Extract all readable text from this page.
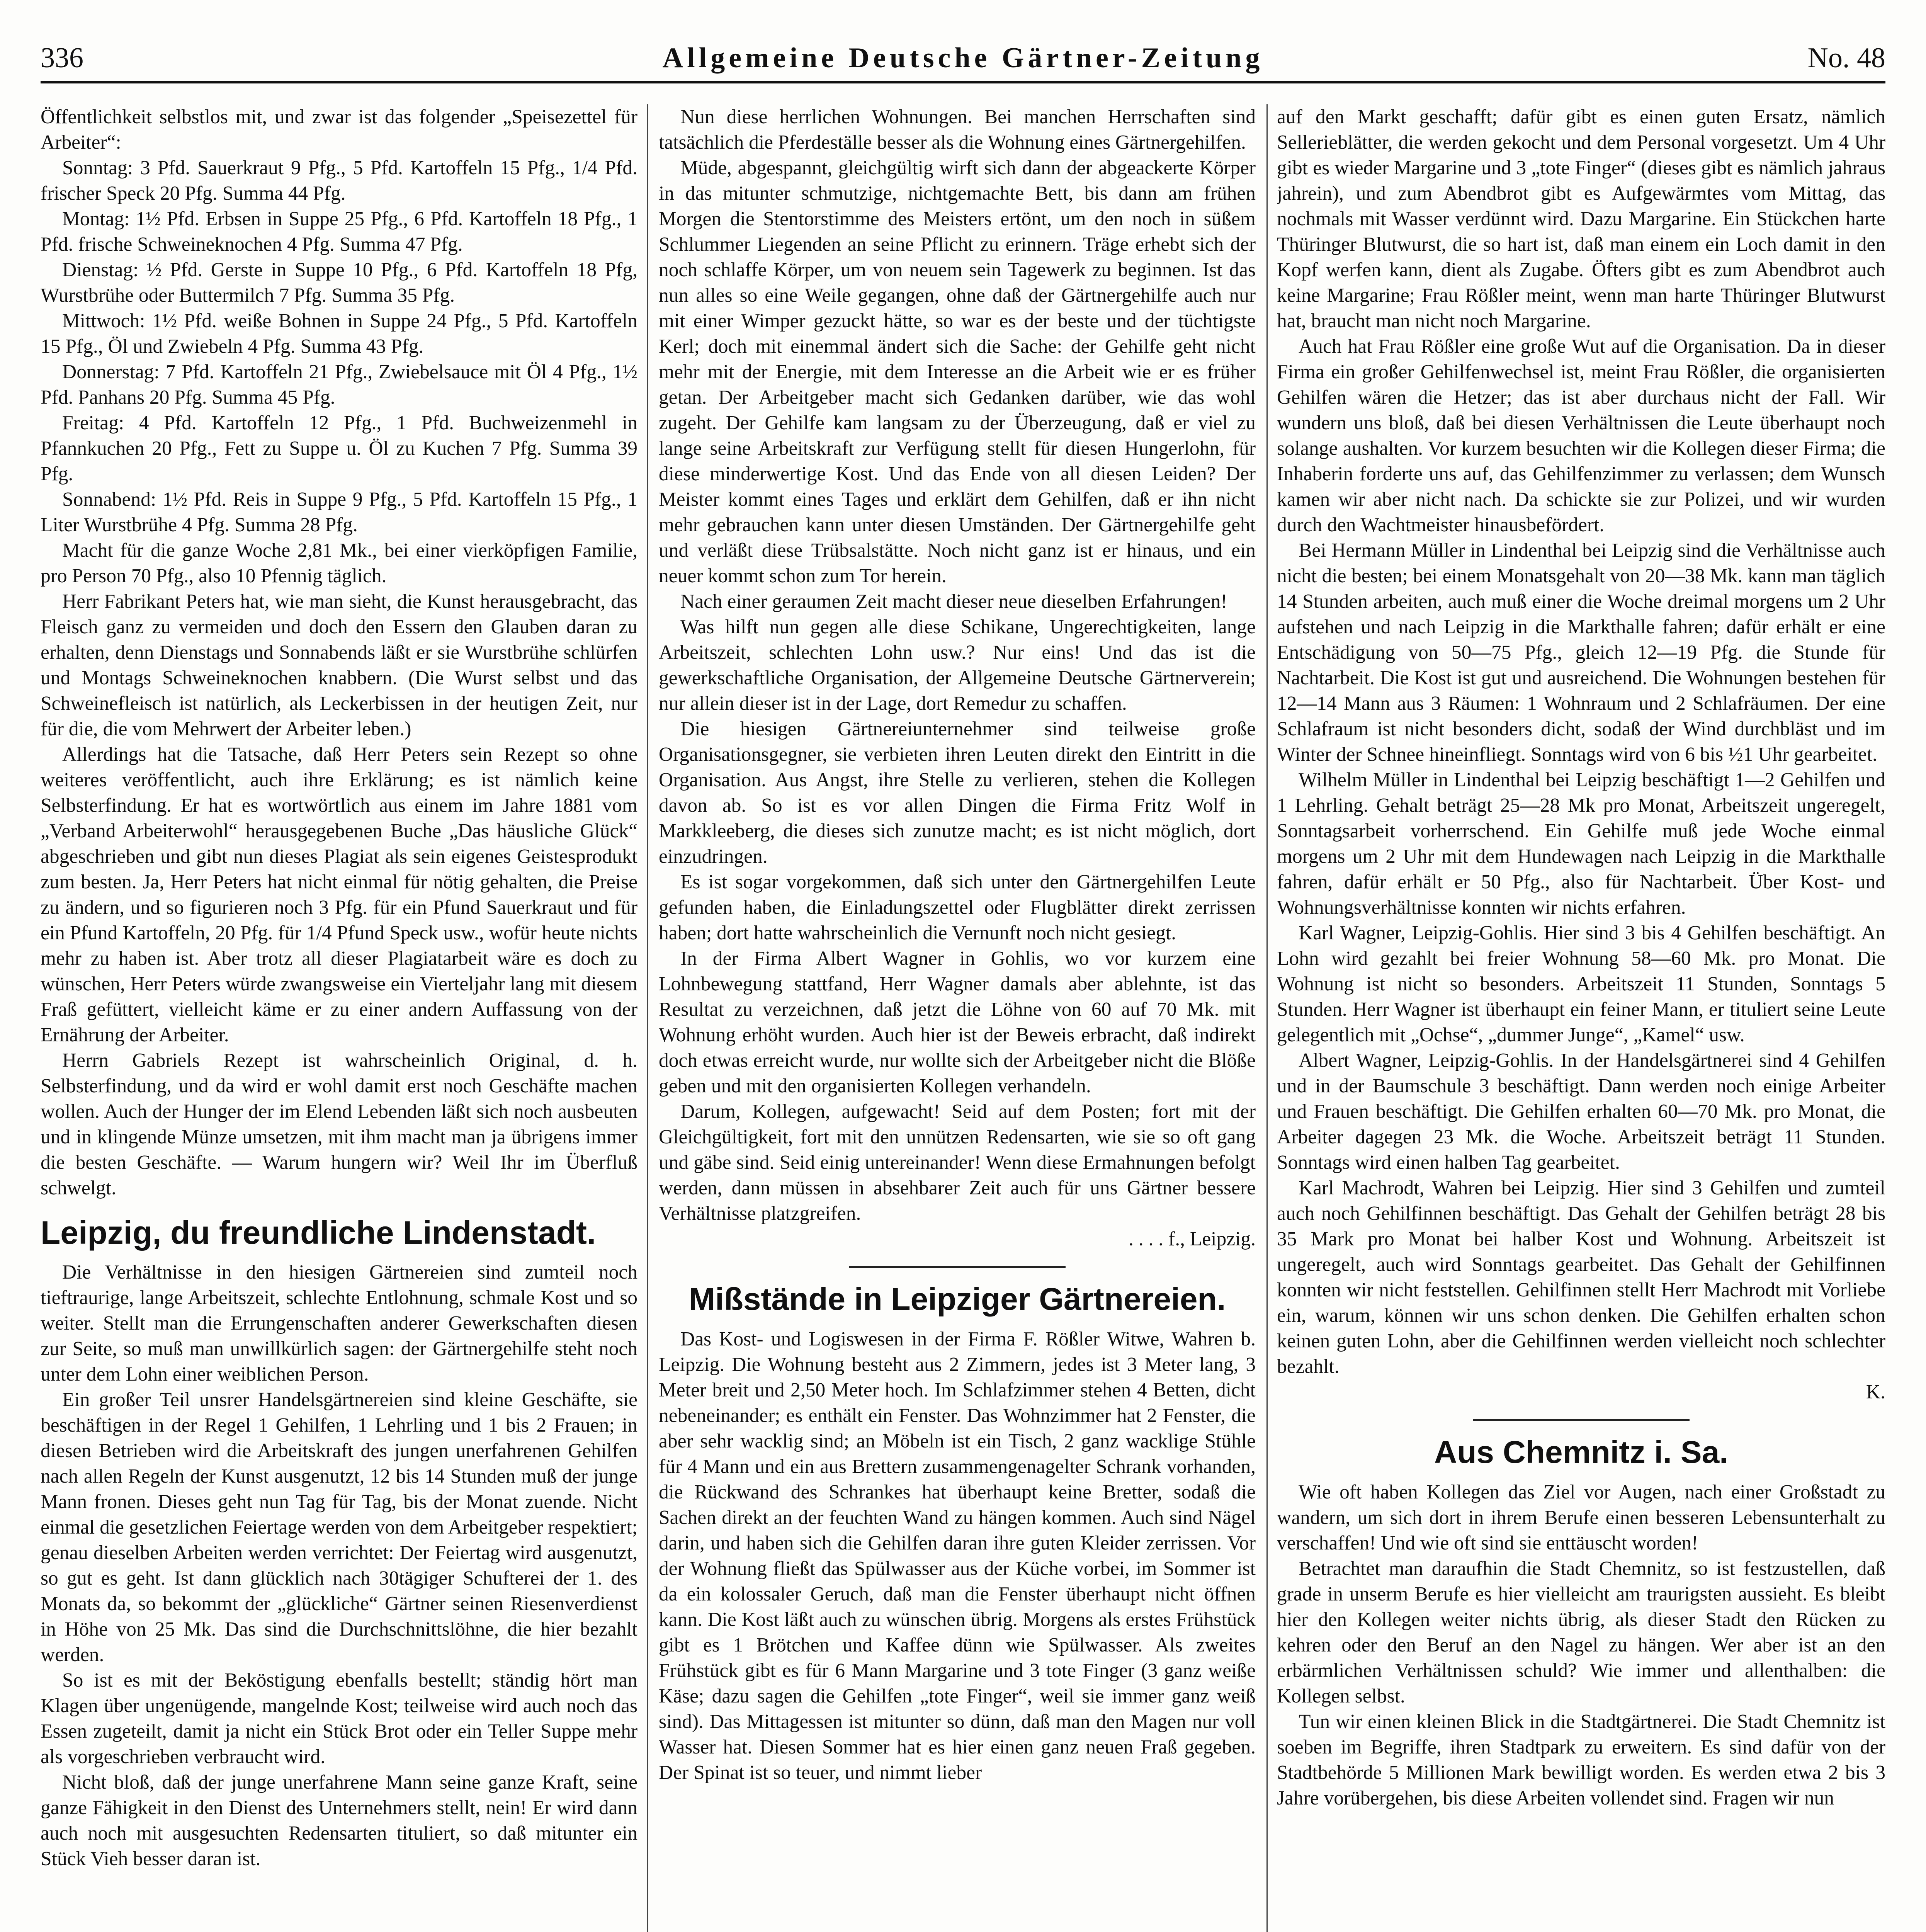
336	Allgemeine Deutsche Gärtner-Zeitung	No. 48

Öffentlichkeit selbstlos mit, und zwar ist das folgender „Speisezettel für Arbeiter“:

Sonntag: 3 Pfd. Sauerkraut 9 Pfg., 5 Pfd. Kartoffeln 15 Pfg., 1/4 Pfd. frischer Speck 20 Pfg. Summa 44 Pfg.

Montag: 1½ Pfd. Erbsen in Suppe 25 Pfg., 6 Pfd. Kartoffeln 18 Pfg., 1 Pfd. frische Schweineknochen 4 Pfg. Summa 47 Pfg.

Dienstag: ½ Pfd. Gerste in Suppe 10 Pfg., 6 Pfd. Kartoffeln 18 Pfg, Wurstbrühe oder Buttermilch 7 Pfg. Summa 35 Pfg.

Mittwoch: 1½ Pfd. weiße Bohnen in Suppe 24 Pfg., 5 Pfd. Kartoffeln 15 Pfg., Öl und Zwiebeln 4 Pfg. Summa 43 Pfg.

Donnerstag: 7 Pfd. Kartoffeln 21 Pfg., Zwiebelsauce mit Öl 4 Pfg., 1½ Pfd. Panhans 20 Pfg. Summa 45 Pfg.

Freitag: 4 Pfd. Kartoffeln 12 Pfg., 1 Pfd. Buchweizenmehl in Pfannkuchen 20 Pfg., Fett zu Suppe u. Öl zu Kuchen 7 Pfg. Summa 39 Pfg.

Sonnabend: 1½ Pfd. Reis in Suppe 9 Pfg., 5 Pfd. Kartoffeln 15 Pfg., 1 Liter Wurstbrühe 4 Pfg. Summa 28 Pfg.

Macht für die ganze Woche 2,81 Mk., bei einer vierköpfigen Familie, pro Person 70 Pfg., also 10 Pfennig täglich.

Herr Fabrikant Peters hat, wie man sieht, die Kunst herausgebracht, das Fleisch ganz zu vermeiden und doch den Essern den Glauben daran zu erhalten, denn Dienstags und Sonnabends läßt er sie Wurstbrühe schlürfen und Montags Schweineknochen knabbern. (Die Wurst selbst und das Schweinefleisch ist natürlich, als Leckerbissen in der heutigen Zeit, nur für die, die vom Mehrwert der Arbeiter leben.)

Allerdings hat die Tatsache, daß Herr Peters sein Rezept so ohne weiteres veröffentlicht, auch ihre Erklärung; es ist nämlich keine Selbsterfindung. Er hat es wortwörtlich aus einem im Jahre 1881 vom „Verband Arbeiterwohl“ herausgegebenen Buche „Das häusliche Glück“ abgeschrieben und gibt nun dieses Plagiat als sein eigenes Geistesprodukt zum besten. Ja, Herr Peters hat nicht einmal für nötig gehalten, die Preise zu ändern, und so figurieren noch 3 Pfg. für ein Pfund Sauerkraut und für ein Pfund Kartoffeln, 20 Pfg. für 1/4 Pfund Speck usw., wofür heute nichts mehr zu haben ist. Aber trotz all dieser Plagiatarbeit wäre es doch zu wünschen, Herr Peters würde zwangsweise ein Vierteljahr lang mit diesem Fraß gefüttert, vielleicht käme er zu einer andern Auffassung von der Ernährung der Arbeiter.

Herrn Gabriels Rezept ist wahrscheinlich Original, d. h. Selbsterfindung, und da wird er wohl damit erst noch Geschäfte machen wollen. Auch der Hunger der im Elend Lebenden läßt sich noch ausbeuten und in klingende Münze umsetzen, mit ihm macht man ja übrigens immer die besten Geschäfte. — Warum hungern wir? Weil Ihr im Überfluß schwelgt.

Leipzig, du freundliche Lindenstadt.

Die Verhältnisse in den hiesigen Gärtnereien sind zumteil noch tieftraurige, lange Arbeitszeit, schlechte Entlohnung, schmale Kost und so weiter. Stellt man die Errungenschaften anderer Gewerkschaften diesen zur Seite, so muß man unwillkürlich sagen: der Gärtnergehilfe steht noch unter dem Lohn einer weiblichen Person.

Ein großer Teil unsrer Handelsgärtnereien sind kleine Geschäfte, sie beschäftigen in der Regel 1 Gehilfen, 1 Lehrling und 1 bis 2 Frauen; in diesen Betrieben wird die Arbeitskraft des jungen unerfahrenen Gehilfen nach allen Regeln der Kunst ausgenutzt, 12 bis 14 Stunden muß der junge Mann fronen. Dieses geht nun Tag für Tag, bis der Monat zuende. Nicht einmal die gesetzlichen Feiertage werden von dem Arbeitgeber respektiert; genau dieselben Arbeiten werden verrichtet: Der Feiertag wird ausgenutzt, so gut es geht. Ist dann glücklich nach 30tägiger Schufterei der 1. des Monats da, so bekommt der „glückliche“ Gärtner seinen Riesenverdienst in Höhe von 25 Mk. Das sind die Durchschnittslöhne, die hier bezahlt werden.

So ist es mit der Beköstigung ebenfalls bestellt; ständig hört man Klagen über ungenügende, mangelnde Kost; teilweise wird auch noch das Essen zugeteilt, damit ja nicht ein Stück Brot oder ein Teller Suppe mehr als vorgeschrieben verbraucht wird.

Nicht bloß, daß der junge unerfahrene Mann seine ganze Kraft, seine ganze Fähigkeit in den Dienst des Unternehmers stellt, nein! Er wird dann auch noch mit ausgesuchten Redensarten tituliert, so daß mitunter ein Stück Vieh besser daran ist.

Nun diese herrlichen Wohnungen. Bei manchen Herrschaften sind tatsächlich die Pferdeställe besser als die Wohnung eines Gärtnergehilfen.

Müde, abgespannt, gleichgültig wirft sich dann der abgeackerte Körper in das mitunter schmutzige, nichtgemachte Bett, bis dann am frühen Morgen die Stentorstimme des Meisters ertönt, um den noch in süßem Schlummer Liegenden an seine Pflicht zu erinnern. Träge erhebt sich der noch schlaffe Körper, um von neuem sein Tagewerk zu beginnen. Ist das nun alles so eine Weile gegangen, ohne daß der Gärtnergehilfe auch nur mit einer Wimper gezuckt hätte, so war es der beste und der tüchtigste Kerl; doch mit einemmal ändert sich die Sache: der Gehilfe geht nicht mehr mit der Energie, mit dem Interesse an die Arbeit wie er es früher getan. Der Arbeitgeber macht sich Gedanken darüber, wie das wohl zugeht. Der Gehilfe kam langsam zu der Überzeugung, daß er viel zu lange seine Arbeitskraft zur Verfügung stellt für diesen Hungerlohn, für diese minderwertige Kost. Und das Ende von all diesen Leiden? Der Meister kommt eines Tages und erklärt dem Gehilfen, daß er ihn nicht mehr gebrauchen kann unter diesen Umständen. Der Gärtnergehilfe geht und verläßt diese Trübsalstätte. Noch nicht ganz ist er hinaus, und ein neuer kommt schon zum Tor herein.

Nach einer geraumen Zeit macht dieser neue dieselben Erfahrungen!

Was hilft nun gegen alle diese Schikane, Ungerechtigkeiten, lange Arbeitszeit, schlechten Lohn usw.? Nur eins! Und das ist die gewerkschaftliche Organisation, der Allgemeine Deutsche Gärtnerverein; nur allein dieser ist in der Lage, dort Remedur zu schaffen.

Die hiesigen Gärtnereiunternehmer sind teilweise große Organisationsgegner, sie verbieten ihren Leuten direkt den Eintritt in die Organisation. Aus Angst, ihre Stelle zu verlieren, stehen die Kollegen davon ab. So ist es vor allen Dingen die Firma Fritz Wolf in Markkleeberg, die dieses sich zunutze macht; es ist nicht möglich, dort einzudringen.

Es ist sogar vorgekommen, daß sich unter den Gärtnergehilfen Leute gefunden haben, die Einladungszettel oder Flugblätter direkt zerrissen haben; dort hatte wahrscheinlich die Vernunft noch nicht gesiegt.

In der Firma Albert Wagner in Gohlis, wo vor kurzem eine Lohnbewegung stattfand, Herr Wagner damals aber ablehnte, ist das Resultat zu verzeichnen, daß jetzt die Löhne von 60 auf 70 Mk. mit Wohnung erhöht wurden. Auch hier ist der Beweis erbracht, daß indirekt doch etwas erreicht wurde, nur wollte sich der Arbeitgeber nicht die Blöße geben und mit den organisierten Kollegen verhandeln.

Darum, Kollegen, aufgewacht! Seid auf dem Posten; fort mit der Gleichgültigkeit, fort mit den unnützen Redensarten, wie sie so oft gang und gäbe sind. Seid einig untereinander! Wenn diese Ermahnungen befolgt werden, dann müssen in absehbarer Zeit auch für uns Gärtner bessere Verhältnisse platzgreifen.

. . . . f., Leipzig.

Mißstände in Leipziger Gärtnereien.

Das Kost- und Logiswesen in der Firma F. Rößler Witwe, Wahren b. Leipzig. Die Wohnung besteht aus 2 Zimmern, jedes ist 3 Meter lang, 3 Meter breit und 2,50 Meter hoch. Im Schlafzimmer stehen 4 Betten, dicht nebeneinander; es enthält ein Fenster. Das Wohnzimmer hat 2 Fenster, die aber sehr wacklig sind; an Möbeln ist ein Tisch, 2 ganz wacklige Stühle für 4 Mann und ein aus Brettern zusammengenagelter Schrank vorhanden, die Rückwand des Schrankes hat überhaupt keine Bretter, sodaß die Sachen direkt an der feuchten Wand zu hängen kommen. Auch sind Nägel darin, und haben sich die Gehilfen daran ihre guten Kleider zerrissen. Vor der Wohnung fließt das Spülwasser aus der Küche vorbei, im Sommer ist da ein kolossaler Geruch, daß man die Fenster überhaupt nicht öffnen kann. Die Kost läßt auch zu wünschen übrig. Morgens als erstes Frühstück gibt es 1 Brötchen und Kaffee dünn wie Spülwasser. Als zweites Frühstück gibt es für 6 Mann Margarine und 3 tote Finger (3 ganz weiße Käse; dazu sagen die Gehilfen „tote Finger“, weil sie immer ganz weiß sind). Das Mittagessen ist mitunter so dünn, daß man den Magen nur voll Wasser hat. Diesen Sommer hat es hier einen ganz neuen Fraß gegeben. Der Spinat ist so teuer, und nimmt lieber

auf den Markt geschafft; dafür gibt es einen guten Ersatz, nämlich Sellerieblätter, die werden gekocht und dem Personal vorgesetzt. Um 4 Uhr gibt es wieder Margarine und 3 „tote Finger“ (dieses gibt es nämlich jahraus jahrein), und zum Abendbrot gibt es Aufgewärmtes vom Mittag, das nochmals mit Wasser verdünnt wird. Dazu Margarine. Ein Stückchen harte Thüringer Blutwurst, die so hart ist, daß man einem ein Loch damit in den Kopf werfen kann, dient als Zugabe. Öfters gibt es zum Abendbrot auch keine Margarine; Frau Rößler meint, wenn man harte Thüringer Blutwurst hat, braucht man nicht noch Margarine.

Auch hat Frau Rößler eine große Wut auf die Organisation. Da in dieser Firma ein großer Gehilfenwechsel ist, meint Frau Rößler, die organisierten Gehilfen wären die Hetzer; das ist aber durchaus nicht der Fall. Wir wundern uns bloß, daß bei diesen Verhältnissen die Leute überhaupt noch solange aushalten. Vor kurzem besuchten wir die Kollegen dieser Firma; die Inhaberin forderte uns auf, das Gehilfenzimmer zu verlassen; dem Wunsch kamen wir aber nicht nach. Da schickte sie zur Polizei, und wir wurden durch den Wachtmeister hinausbefördert.

Bei Hermann Müller in Lindenthal bei Leipzig sind die Verhältnisse auch nicht die besten; bei einem Monatsgehalt von 20—38 Mk. kann man täglich 14 Stunden arbeiten, auch muß einer die Woche dreimal morgens um 2 Uhr aufstehen und nach Leipzig in die Markthalle fahren; dafür erhält er eine Entschädigung von 50—75 Pfg., gleich 12—19 Pfg. die Stunde für Nachtarbeit. Die Kost ist gut und ausreichend. Die Wohnungen bestehen für 12—14 Mann aus 3 Räumen: 1 Wohnraum und 2 Schlafräumen. Der eine Schlafraum ist nicht besonders dicht, sodaß der Wind durchbläst und im Winter der Schnee hineinfliegt. Sonntags wird von 6 bis ½1 Uhr gearbeitet.

Wilhelm Müller in Lindenthal bei Leipzig beschäftigt 1—2 Gehilfen und 1 Lehrling. Gehalt beträgt 25—28 Mk pro Monat, Arbeitszeit ungeregelt, Sonntagsarbeit vorherrschend. Ein Gehilfe muß jede Woche einmal morgens um 2 Uhr mit dem Hundewagen nach Leipzig in die Markthalle fahren, dafür erhält er 50 Pfg., also für Nachtarbeit. Über Kost- und Wohnungsverhältnisse konnten wir nichts erfahren.

Karl Wagner, Leipzig-Gohlis. Hier sind 3 bis 4 Gehilfen beschäftigt. An Lohn wird gezahlt bei freier Wohnung 58—60 Mk. pro Monat. Die Wohnung ist nicht so besonders. Arbeitszeit 11 Stunden, Sonntags 5 Stunden. Herr Wagner ist überhaupt ein feiner Mann, er tituliert seine Leute gelegentlich mit „Ochse“, „dummer Junge“, „Kamel“ usw.

Albert Wagner, Leipzig-Gohlis. In der Handelsgärtnerei sind 4 Gehilfen und in der Baumschule 3 beschäftigt. Dann werden noch einige Arbeiter und Frauen beschäftigt. Die Gehilfen erhalten 60—70 Mk. pro Monat, die Arbeiter dagegen 23 Mk. die Woche. Arbeitszeit beträgt 11 Stunden. Sonntags wird einen halben Tag gearbeitet.

Karl Machrodt, Wahren bei Leipzig. Hier sind 3 Gehilfen und zumteil auch noch Gehilfinnen beschäftigt. Das Gehalt der Gehilfen beträgt 28 bis 35 Mark pro Monat bei halber Kost und Wohnung. Arbeitszeit ist ungeregelt, auch wird Sonntags gearbeitet. Das Gehalt der Gehilfinnen konnten wir nicht feststellen. Gehilfinnen stellt Herr Machrodt mit Vorliebe ein, warum, können wir uns schon denken. Die Gehilfen erhalten schon keinen guten Lohn, aber die Gehilfinnen werden vielleicht noch schlechter bezahlt.

K.

Aus Chemnitz i. Sa.

Wie oft haben Kollegen das Ziel vor Augen, nach einer Großstadt zu wandern, um sich dort in ihrem Berufe einen besseren Lebensunterhalt zu verschaffen! Und wie oft sind sie enttäuscht worden!

Betrachtet man daraufhin die Stadt Chemnitz, so ist festzustellen, daß grade in unserm Berufe es hier vielleicht am traurigsten aussieht. Es bleibt hier den Kollegen weiter nichts übrig, als dieser Stadt den Rücken zu kehren oder den Beruf an den Nagel zu hängen. Wer aber ist an den erbärmlichen Verhältnissen schuld? Wie immer und allenthalben: die Kollegen selbst.

Tun wir einen kleinen Blick in die Stadtgärtnerei. Die Stadt Chemnitz ist soeben im Begriffe, ihren Stadtpark zu erweitern. Es sind dafür von der Stadtbehörde 5 Millionen Mark bewilligt worden. Es werden etwa 2 bis 3 Jahre vorübergehen, bis diese Arbeiten vollendet sind. Fragen wir nun
